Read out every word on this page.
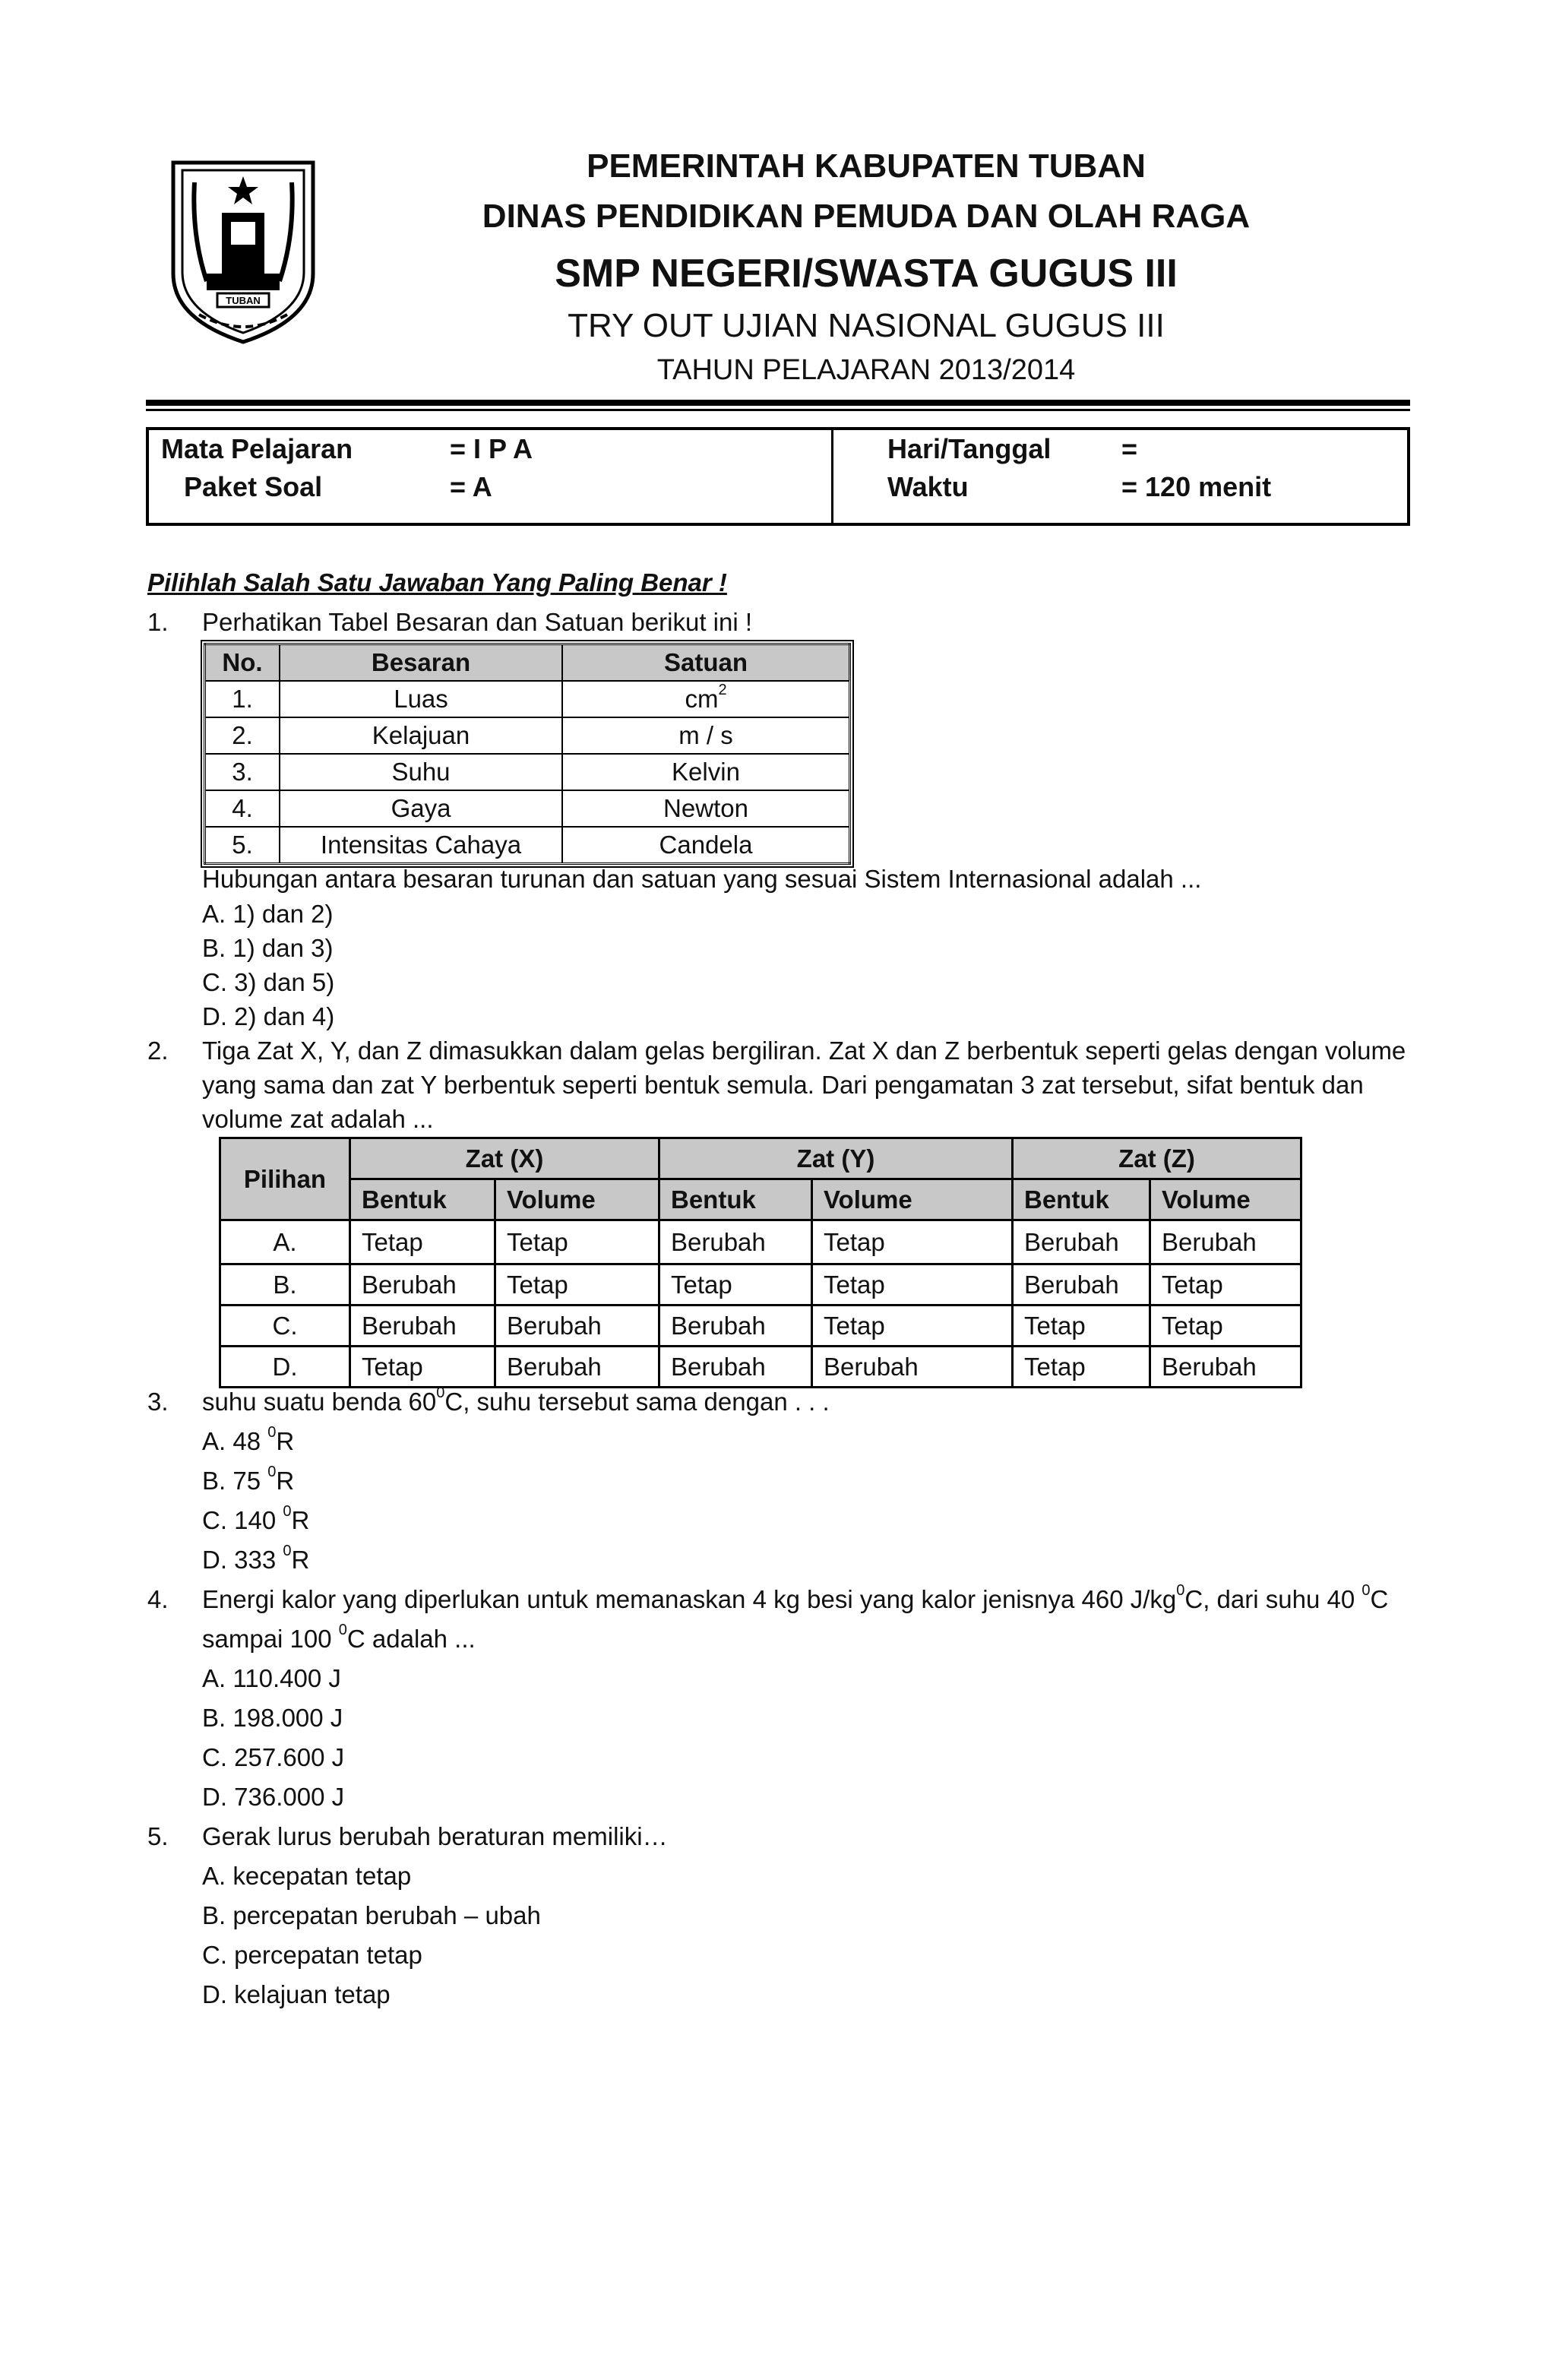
TUBAN
PEMERINTAH KABUPATEN TUBAN
DINAS PENDIDIKAN PEMUDA DAN OLAH RAGA
SMP NEGERI/SWASTA GUGUS III
TRY OUT UJIAN NASIONAL GUGUS III
TAHUN PELAJARAN 2013/2014
Mata Pelajaran	= I P A
Paket Soal	= A
Hari/Tanggal	=
Waktu	= 120 menit
Pilihlah Salah Satu Jawaban Yang Paling Benar !
1. Perhatikan Tabel Besaran dan Satuan berikut ini !
No.	Besaran	Satuan
1.	Luas	$cm^2$
2.	Kelajuan	m / s
3.	Suhu	Kelvin
4.	Gaya	Newton
5.	Intensitas Cahaya	Candela
Hubungan antara besaran turunan dan satuan yang sesuai Sistem Internasional adalah ...
A. 1) dan 2)
B. 1) dan 3)
C. 3) dan 5)
D. 2) dan 4)
2. Tiga Zat X, Y, dan Z dimasukkan dalam gelas bergiliran. Zat X dan Z berbentuk seperti gelas dengan volume
yang sama dan zat Y berbentuk seperti bentuk semula. Dari pengamatan 3 zat tersebut, sifat bentuk dan
volume zat adalah ...
Pilihan	Zat (X)		Zat (Y)		Zat (Z)	
	Bentuk	Volume	Bentuk	Volume	Bentuk	Volume
A.	Tetap	Tetap	Berubah	Tetap	Berubah	Berubah
B.	Berubah	Tetap	Tetap	Tetap	Berubah	Tetap
C.	Berubah	Berubah	Berubah	Tetap	Tetap	Tetap
D.	Tetap	Berubah	Berubah	Berubah	Tetap	Berubah
3. suhu suatu benda $60^0C$, suhu tersebut sama dengan . . .
A. 48 $^0$R
B. 75 $^0$R
C. 140 $^0$R
D. 333 $^0$R
4. Energi kalor yang diperlukan untuk memanaskan 4 kg besi yang kalor jenisnya 460 $J/kg^0C$, dari suhu 40 $^0$C
sampai 100 $^0$C adalah ...
A. 110.400 J
B. 198.000 J
C. 257.600 J
D. 736.000 J
5. Gerak lurus berubah beraturan memiliki…
A. kecepatan tetap
B. percepatan berubah – ubah
C. percepatan tetap
D. kelajuan tetap
